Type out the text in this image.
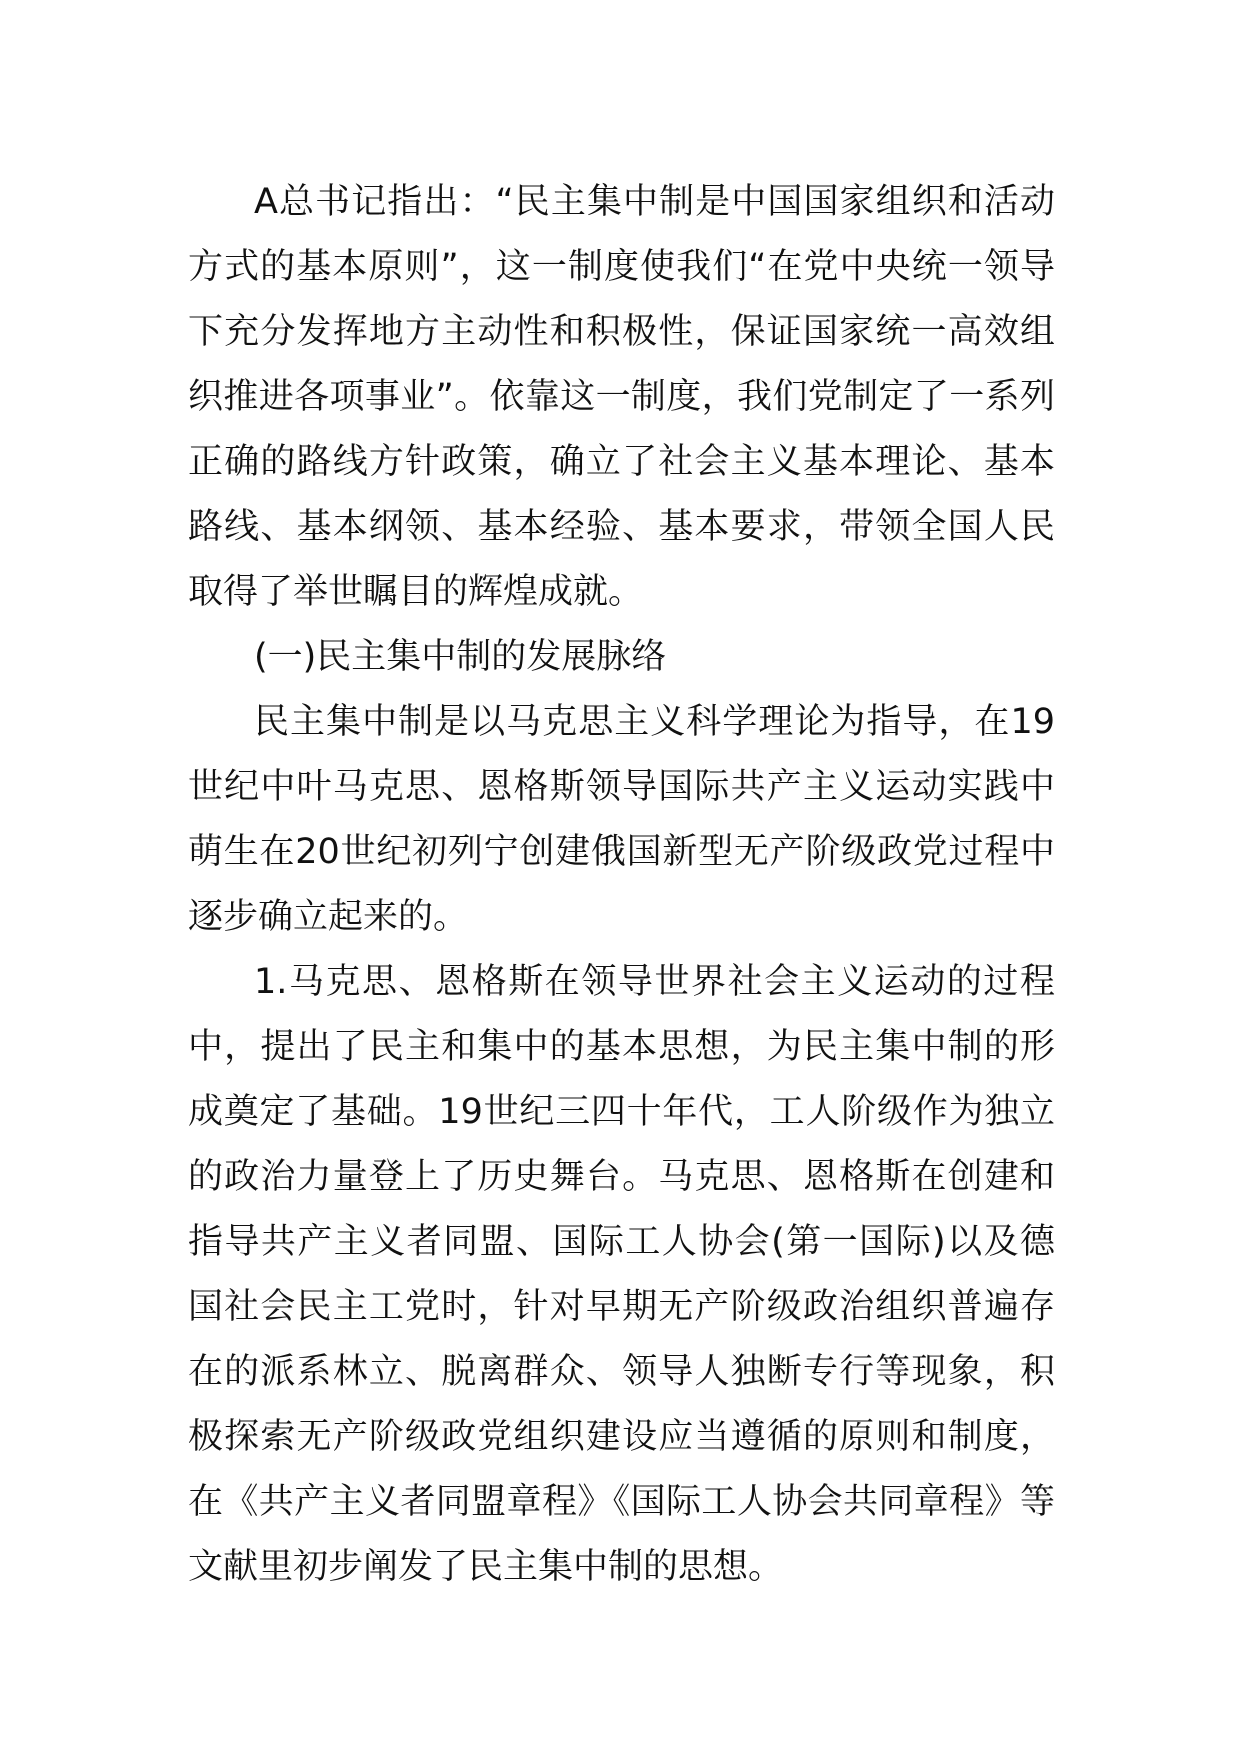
A总书记指出：“民主集中制是中国国家组织和活动方式的基本原则”，这一制度使我们“在党中央统一领导下充分发挥地方主动性和积极性，保证国家统一高效组织推进各项事业”。依靠这一制度，我们党制定了一系列正确的路线方针政策，确立了社会主义基本理论、基本路线、基本纲领、基本经验、基本要求，带领全国人民取得了举世瞩目的辉煌成就。

(一)民主集中制的发展脉络

民主集中制是以马克思主义科学理论为指导，在19世纪中叶马克思、恩格斯领导国际共产主义运动实践中萌生在20世纪初列宁创建俄国新型无产阶级政党过程中逐步确立起来的。

1.马克思、恩格斯在领导世界社会主义运动的过程中，提出了民主和集中的基本思想，为民主集中制的形成奠定了基础。19世纪三四十年代，工人阶级作为独立的政治力量登上了历史舞台。马克思、恩格斯在创建和指导共产主义者同盟、国际工人协会(第一国际)以及德国社会民主工党时，针对早期无产阶级政治组织普遍存在的派系林立、脱离群众、领导人独断专行等现象，积极探索无产阶级政党组织建设应当遵循的原则和制度，在《共产主义者同盟章程》《国际工人协会共同章程》等文献里初步阐发了民主集中制的思想。
